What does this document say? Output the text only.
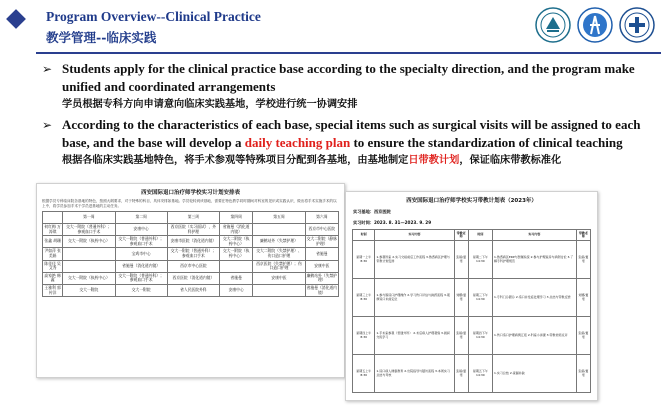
Program Overview--Clinical Practice
教学管理--临床实践
➢ Students apply for the clinical practice base according to the specialty direction, and the program make unified and coordinated arrangements
学员根据专科方向申请意向临床实践基地，学校进行统一协调安排
➢ According to the characteristics of each base, special items such as surgical visits will be assigned to each base, and the base will develop a daily teaching plan to ensure the standardization of clinical teaching
根据各临床实践基地特色，将手术参观等特殊项目分配到各基地，由基地制定日带教计划，保证临床带教标准化
西安国际退口治疗师学校实习计划安排表
根据学员专科临床院各基地的特色，按照大纲要求，对于特殊的科目，具体安排如基地。学员轮转到该基地，需要在特色教学同时期间对科室的见识或实践认识，做出将手术实施手术的以上中，将学员参加手术于学员进基地的主动任务。
	第一周	第二周	第三周	第四周	第五周	第六周
何红梅 万涛琪	交大一附院（普通外科）；参观血口手术	安康中心	西京医院（实习面试），外科护理	省施曼（消化道内镜）		西京市中心医院
张鑫 胡珊	交大一附院（执药中心）	交大一附院（普通外科）；参观血口手术	安康市医院（消化道内镜）	交大二附院（执药中心）	廉鹤站外（失禁护理）	交大二附院（静脉护理）
尹如萍 张美娟		宝鸡市中心	交大一附院（普通外科）；参观血口手术	交大一附院（执药中心）	交大二附院（失禁护理）、伤口造口护理	省施曼
陈佳佳 吴文秀		省施曼（消化道内镜）	西京市中心医院		西京医院（失禁护理）；伤口造口护理	安康中医
高家艳 韩鑫	交大一附院（执药中心）	交大一附院（普通外科）；参观血口手术	西京医院（消化道内镜）	省施曼	安康中医	廉鹤站外（失禁护理）
王雅利 郭传洋	交大一附院	交大一附院	省人民医院外科	安康中心		省施曼（消化道内镜）
西安国际退口治疗师学校实习带教计划表（2023年）
实习基地：西京医院
实习时间：2023. 8. 31—2023. 9. 29
时间	实习内容	带教老师	时间	实习内容	带教老师
星期一上午 8:30	1.参观科室 2.实习交接前后工作流程 3.熟悉病区护理与带教计划安排	张娟/夏雯	星期二下午 14:30	1.熟悉病区ERP与医嘱系统 2.参与护理查房与病例讨论 3.了解专科护理规范	张娟/夏雯
星期三上午 8:30	1.参与肠造口护理操作 2.学习伤口评估与换药流程 3.观摩造口术前定位	刘娜/夏雯	星期三下午 14:30	1.专科门诊跟诊 2.造口并发症处理学习 3.总结与带教反馈	刘娜/夏雯
星期四上午 8:30	1.手术室参观（普通外科） 2.术后病人护理观察 3.晨间交班学习	张娟/夏雯	星期四下午 14:30	1.伤口造口护理病例汇报 2.科室小讲课 3.带教老师点评	张娟/夏雯
星期五上午 8:30	1.造口病人健康教育 2.出院指导与随访流程 3.本周实习总结与考核	张娟/夏雯	星期五下午 14:30	1.实习总结 2.查漏补缺	张娟/夏雯
